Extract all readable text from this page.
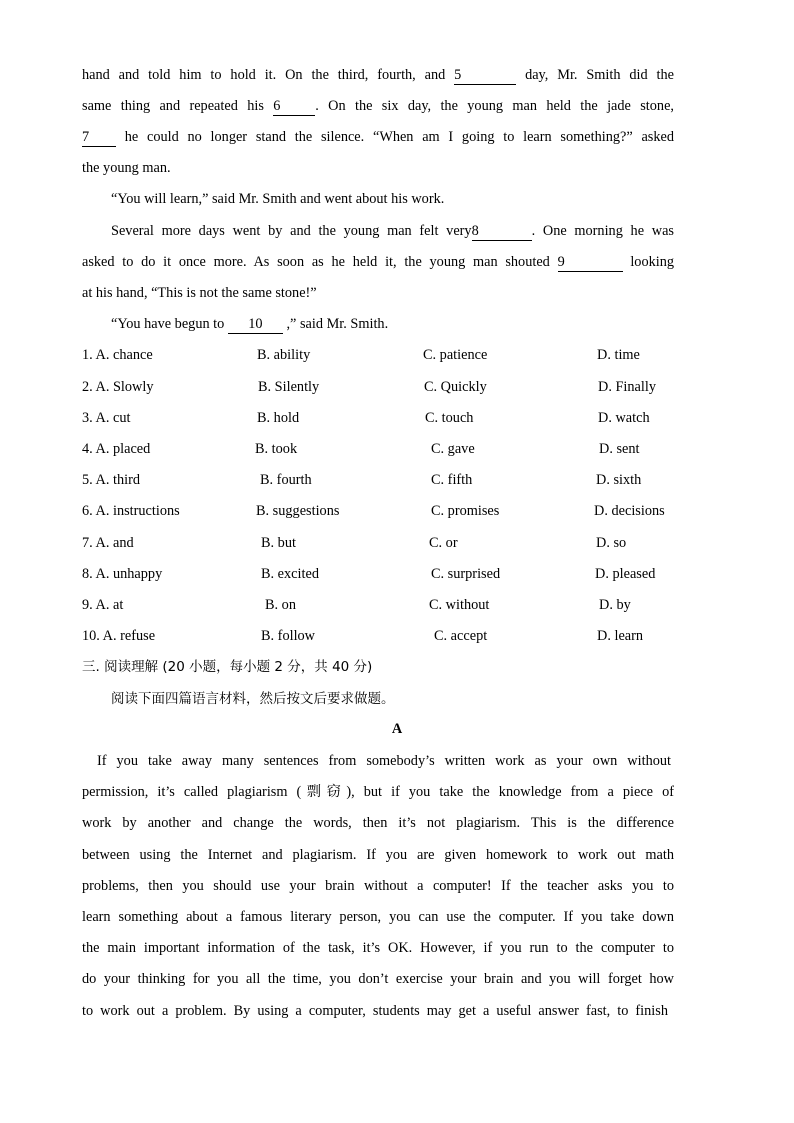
hand and told him to hold it. On the third, fourth, and 5	day, Mr. Smith did the
same thing and repeated his 6 . On the six day, the young man held the jade stone,
7 he could no longer stand the silence. “When am I going to learn something?” asked
the young man.
“You will learn,” said Mr. Smith and went about his work.
Several more days went by and the young man felt very8	. One morning he was
asked to do it once more. As soon as he held it, the young man shouted 9	looking
at his hand, “This is not the same stone!”
“You have begun to 10 ,” said Mr. Smith.
1. A. chance	B. ability	C. patience	D. time
2. A. Slowly	B. Silently	C. Quickly	D. Finally
3. A. cut	B. hold	C. touch	D. watch
4. A. placed	B. took	C. gave	D. sent
5. A. third	B. fourth	C. fifth	D. sixth
6. A. instructions	B. suggestions	C. promises	D. decisions
7. A. and	B. but	C. or	D. so
8. A. unhappy	B. excited	C. surprised	D. pleased
9. A. at	B. on	C. without	D. by
10. A. refuse	B. follow	C. accept	D. learn
三. 阅读理解 (20 小题，每小题 2 分，共 40 分)
阅读下面四篇语言材料，然后按文后要求做题。
A
If you take away many sentences from somebody’s written work as your own without
permission, it’s called plagiarism (剽窃), but if you take the knowledge from a piece of
work by another and change the words, then it’s not plagiarism. This is the difference
between using the Internet and plagiarism. If you are given homework to work out math
problems, then you should use your brain without a computer! If the teacher asks you to
learn something about a famous literary person, you can use the computer. If you take down
the main important information of the task, it’s OK. However, if you run to the computer to
do your thinking for you all the time, you don’t exercise your brain and you will forget how
to work out a problem. By using a computer, students may get a useful answer fast, to finish
